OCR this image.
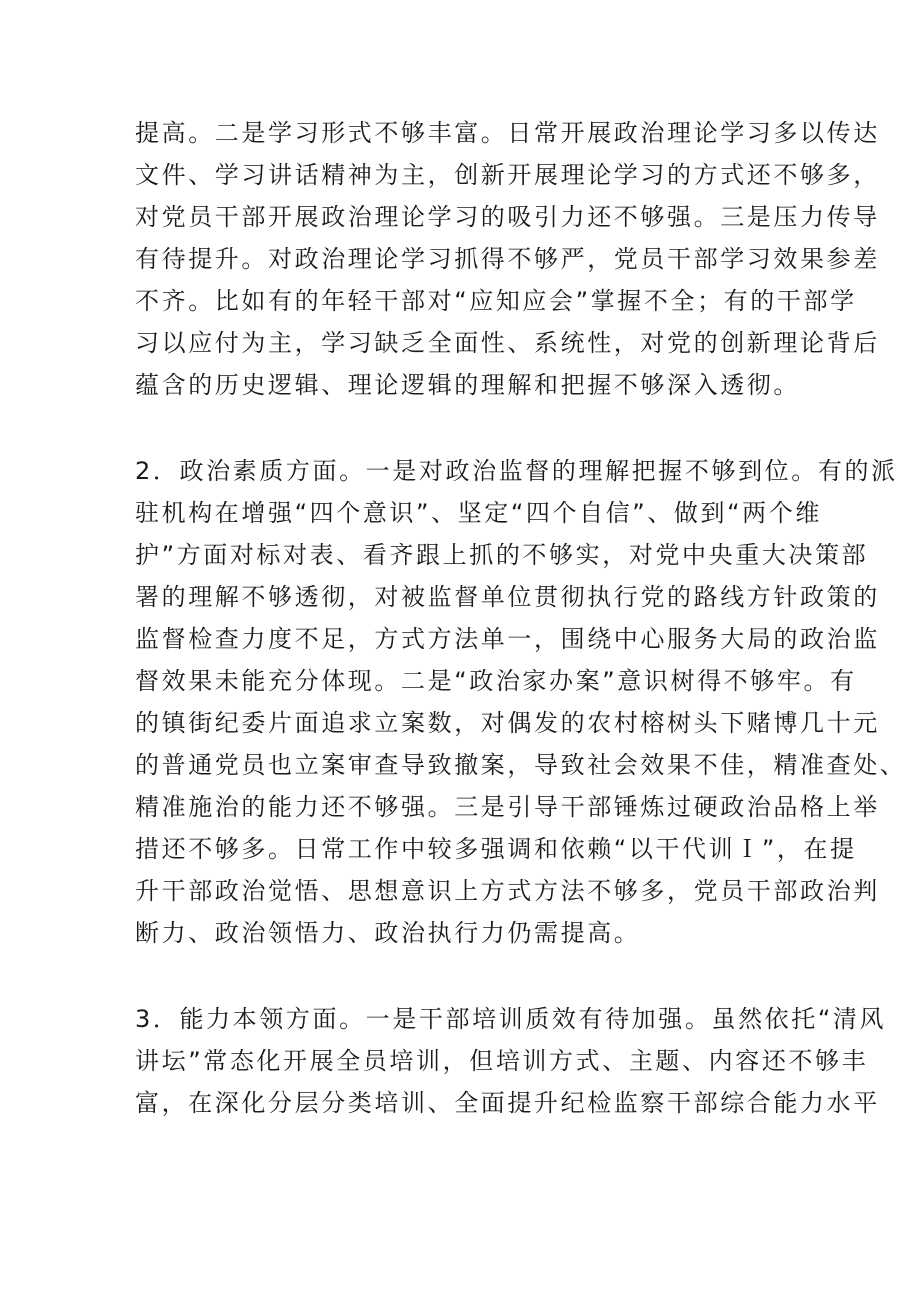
提高。二是学习形式不够丰富。日常开展政治理论学习多以传达
文件、学习讲话精神为主，创新开展理论学习的方式还不够多，
对党员干部开展政治理论学习的吸引力还不够强。三是压力传导
有待提升。对政治理论学习抓得不够严，党员干部学习效果参差
不齐。比如有的年轻干部对“应知应会”掌握不全；有的干部学
习以应付为主，学习缺乏全面性、系统性，对党的创新理论背后
蕴含的历史逻辑、理论逻辑的理解和把握不够深入透彻。
2．政治素质方面。一是对政治监督的理解把握不够到位。有的派
驻机构在增强“四个意识”、坚定“四个自信”、做到“两个维
护”方面对标对表、看齐跟上抓的不够实，对党中央重大决策部
署的理解不够透彻，对被监督单位贯彻执行党的路线方针政策的
监督检查力度不足，方式方法单一，围绕中心服务大局的政治监
督效果未能充分体现。二是“政治家办案”意识树得不够牢。有
的镇街纪委片面追求立案数，对偶发的农村榕树头下赌博几十元
的普通党员也立案审查导致撤案，导致社会效果不佳，精准查处、
精准施治的能力还不够强。三是引导干部锤炼过硬政治品格上举
措还不够多。日常工作中较多强调和依赖“以干代训Ｉ”，在提
升干部政治觉悟、思想意识上方式方法不够多，党员干部政治判
断力、政治领悟力、政治执行力仍需提高。
3．能力本领方面。一是干部培训质效有待加强。虽然依托“清风
讲坛”常态化开展全员培训，但培训方式、主题、内容还不够丰
富，在深化分层分类培训、全面提升纪检监察干部综合能力水平
